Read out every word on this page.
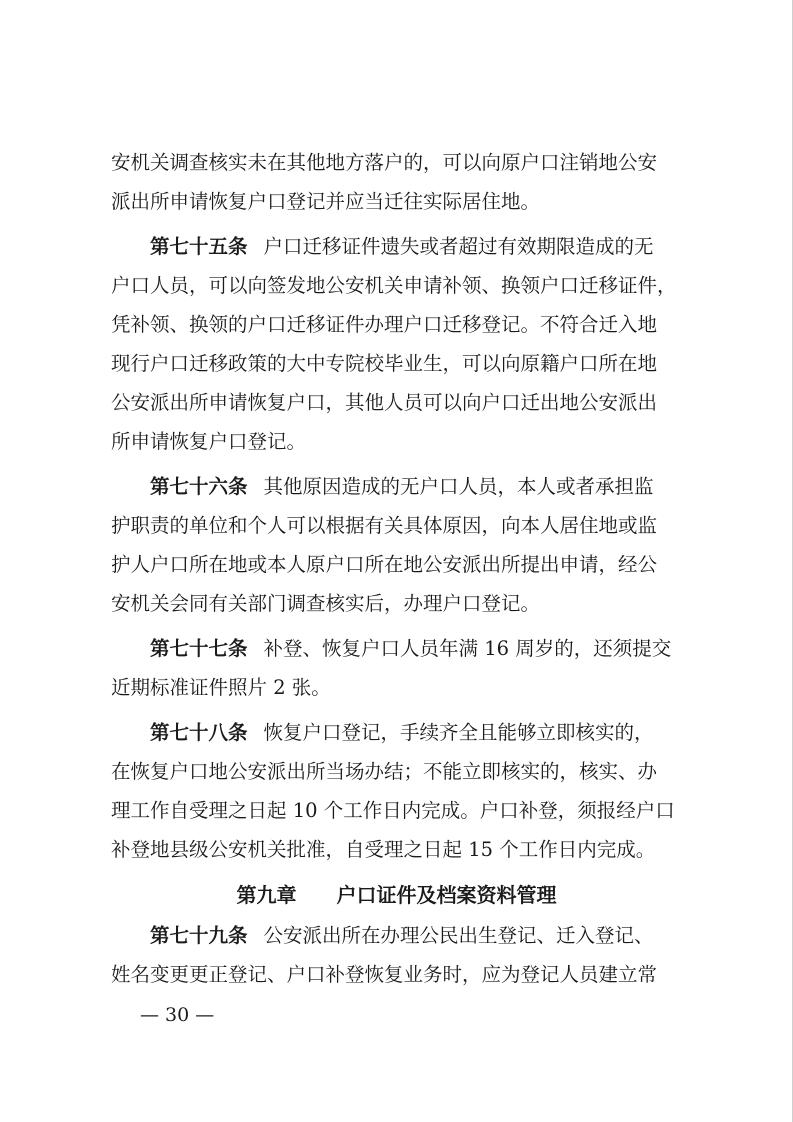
安机关调查核实未在其他地方落户的，可以向原户口注销地公安
派出所申请恢复户口登记并应当迁往实际居住地。
第七十五条 户口迁移证件遗失或者超过有效期限造成的无
户口人员，可以向签发地公安机关申请补领、换领户口迁移证件，
凭补领、换领的户口迁移证件办理户口迁移登记。不符合迁入地
现行户口迁移政策的大中专院校毕业生，可以向原籍户口所在地
公安派出所申请恢复户口，其他人员可以向户口迁出地公安派出
所申请恢复户口登记。
第七十六条 其他原因造成的无户口人员，本人或者承担监
护职责的单位和个人可以根据有关具体原因，向本人居住地或监
护人户口所在地或本人原户口所在地公安派出所提出申请，经公
安机关会同有关部门调查核实后，办理户口登记。
第七十七条 补登、恢复户口人员年满 16 周岁的，还须提交
近期标准证件照片 2 张。
第七十八条 恢复户口登记，手续齐全且能够立即核实的，
在恢复户口地公安派出所当场办结；不能立即核实的，核实、办
理工作自受理之日起 10 个工作日内完成。户口补登，须报经户口
补登地县级公安机关批准，自受理之日起 15 个工作日内完成。
第九章 户口证件及档案资料管理
第七十九条 公安派出所在办理公民出生登记、迁入登记、
姓名变更更正登记、户口补登恢复业务时，应为登记人员建立常
— 30 —
